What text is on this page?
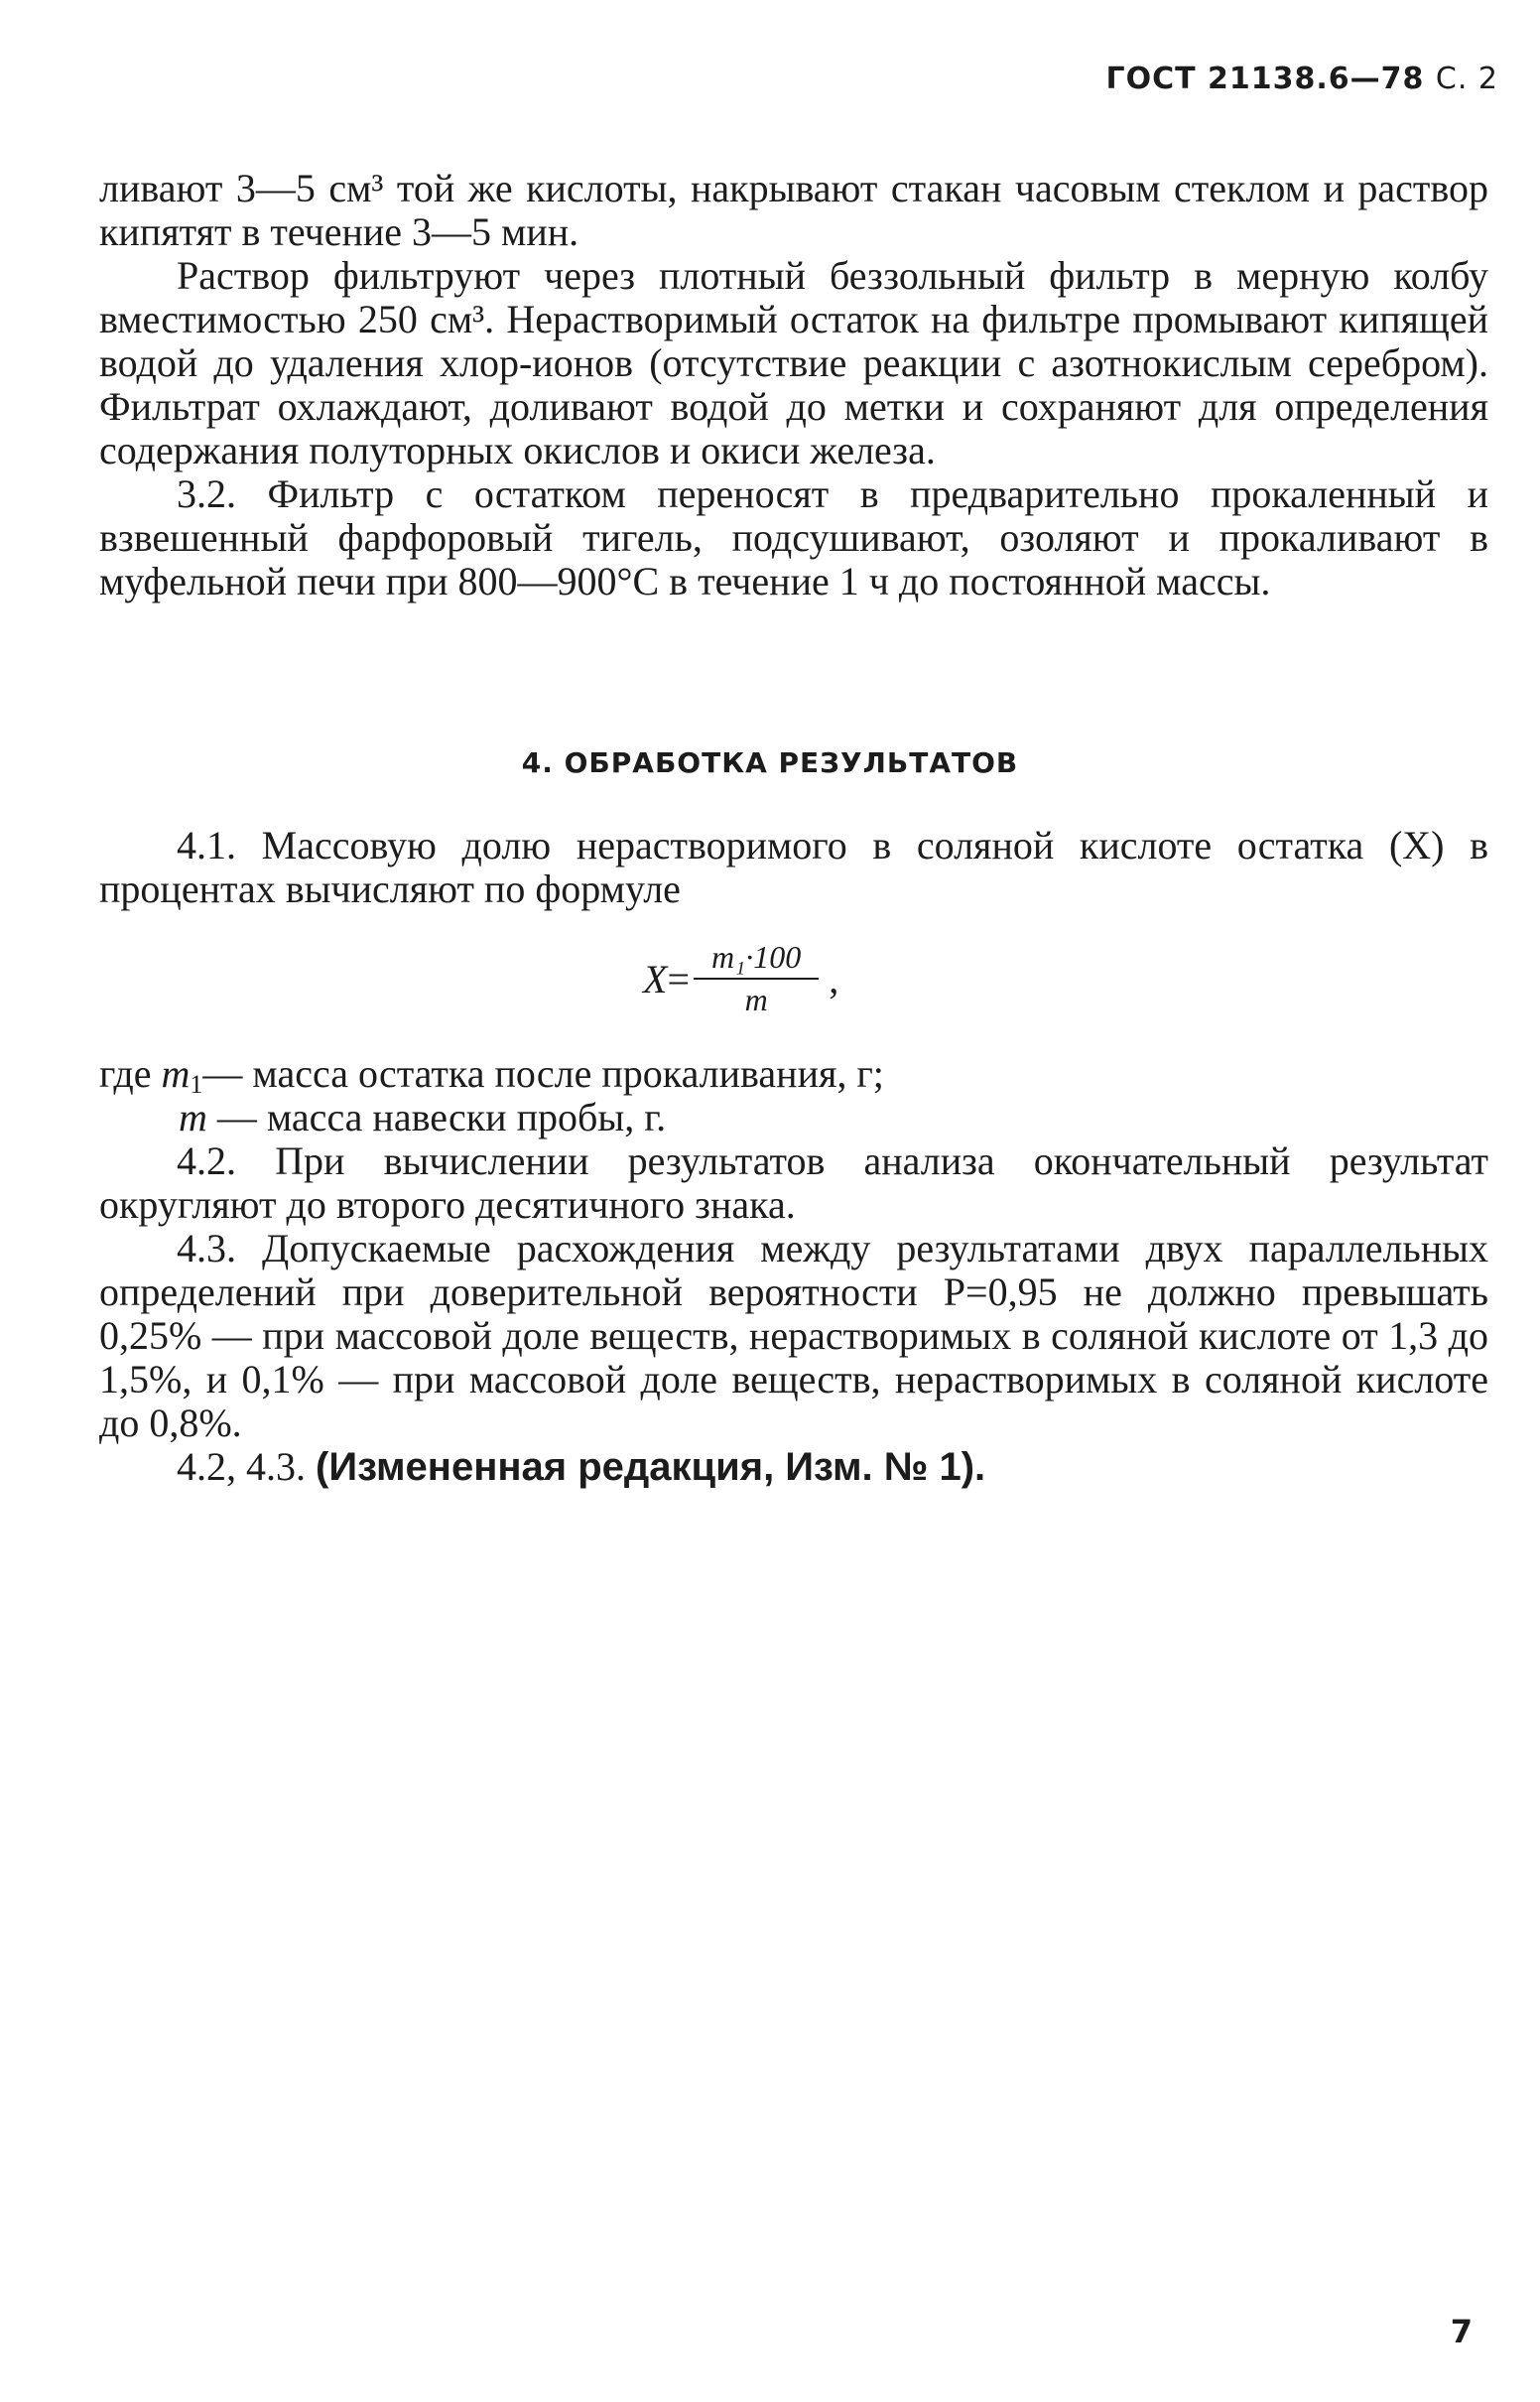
ГОСТ 21138.6—78 С. 2

ливают 3—5 см³ той же кислоты, накрывают стакан часовым стеклом и раствор кипятят в течение 3—5 мин.

Раствор фильтруют через плотный беззольный фильтр в мерную колбу вместимостью 250 см³. Нерастворимый остаток на фильтре промывают кипящей водой до удаления хлор-ионов (отсутствие реакции с азотнокислым серебром). Фильтрат охлаждают, доливают водой до метки и сохраняют для определения содержания полуторных окислов и окиси железа.

3.2. Фильтр с остатком переносят в предварительно прокаленный и взвешенный фарфоровый тигель, подсушивают, озоляют и прокаливают в муфельной печи при 800—900°С в течение 1 ч до постоянной массы.

4. ОБРАБОТКА РЕЗУЛЬТАТОВ

4.1. Массовую долю нерастворимого в соляной кислоте остатка (X) в процентах вычисляют по формуле

$X = \frac{\text{m₁·100}}{m}$ ,
где $m_1—$ масса остатка после прокаливания, г;
m — масса навески пробы, г.

4.2. При вычислении результатов анализа окончательный результат округляют до второго десятичного знака.

4.3. Допускаемые расхождения между результатами двух параллельных определений при доверительной вероятности P=0,95 не должно превышать 0,25% — при массовой доле веществ, нерастворимых в соляной кислоте от 1,3 до 1,5%, и 0,1% — при массовой доле веществ, нерастворимых в соляной кислоте до 0,8%.

4.2, 4.3. (Измененная редакция, Изм. № 1).

7
